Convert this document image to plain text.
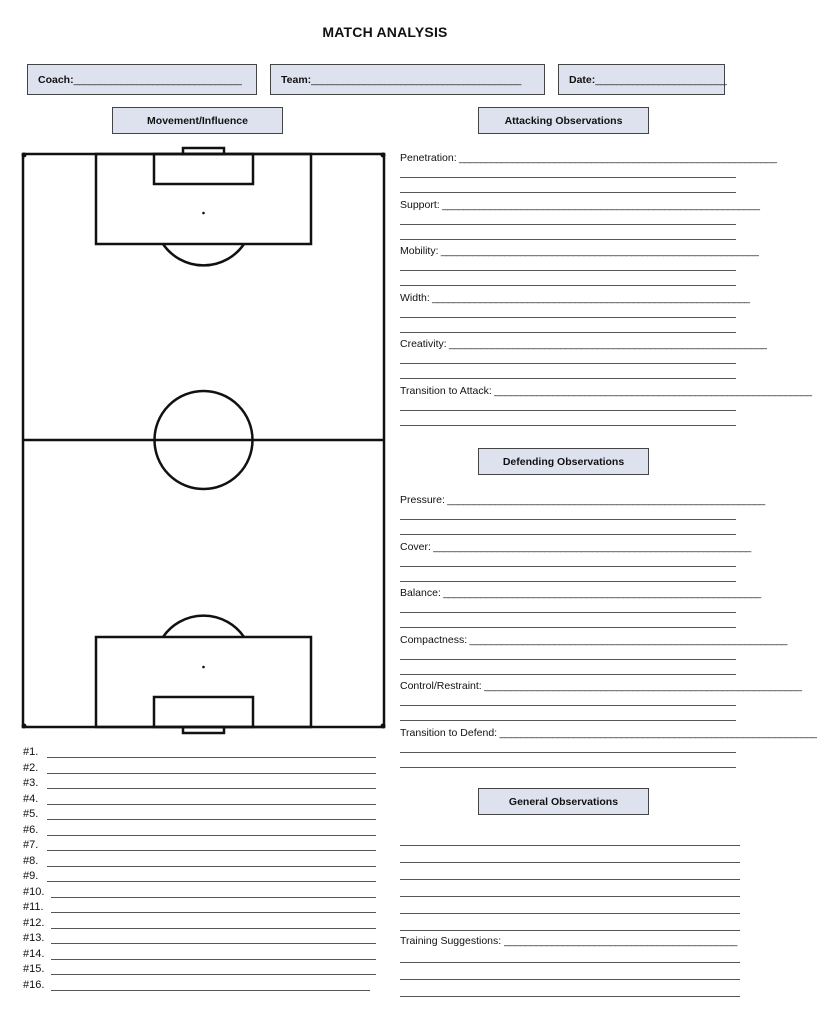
MATCH ANALYSIS
Coach:________________________________	Team:________________________________________	Date:_________________________
Movement/Influence	Attacking Observations
Defending Observations
General Observations
Penetration: ____________________________________________________________
Support: ____________________________________________________________
Mobility: ____________________________________________________________
Width: ____________________________________________________________
Creativity: ____________________________________________________________
Transition to Attack: ____________________________________________________________
Pressure: ____________________________________________________________
Cover: ____________________________________________________________
Balance: ____________________________________________________________
Compactness: ____________________________________________________________
Control/Restraint: ____________________________________________________________
Transition to Defend: ____________________________________________________________
Training Suggestions: ____________________________________________
#1.
#2.
#3.
#4.
#5.
#6.
#7.
#8.
#9.
#10.
#11.
#12.
#13.
#14.
#15.
#16.
